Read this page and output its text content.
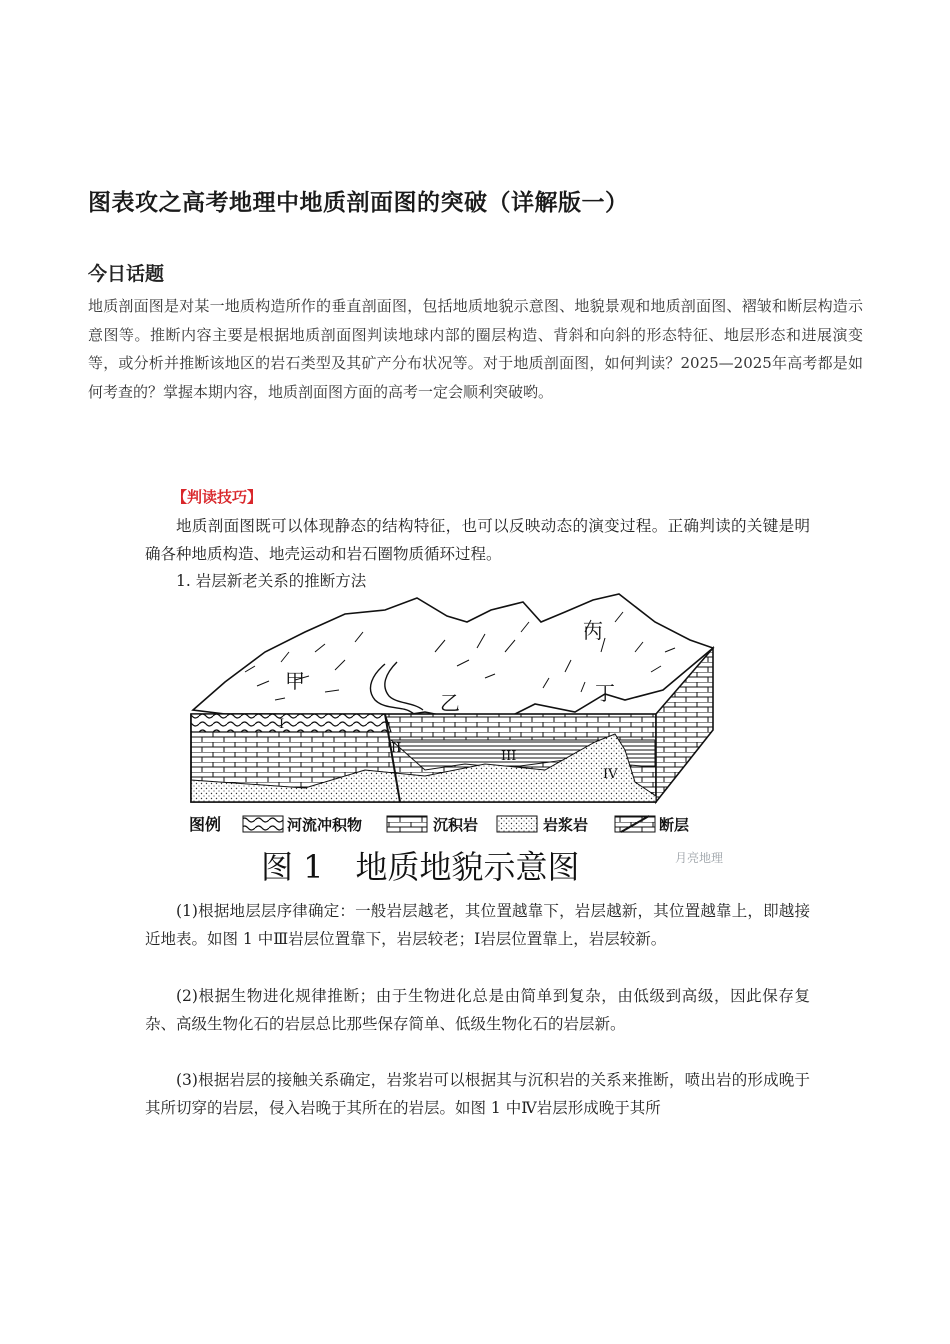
图表攻之高考地理中地质剖面图的突破（详解版一）
今日话题

地质剖面图是对某一地质构造所作的垂直剖面图，包括地质地貌示意图、地貌景观和地质剖面图、褶皱和断层构造示意图等。推断内容主要是根据地质剖面图判读地球内部的圈层构造、背斜和向斜的形态特征、地层形态和进展演变等，或分析并推断该地区的岩石类型及其矿产分布状况等。对于地质剖面图，如何判读？2025—2025年高考都是如何考查的？掌握本期内容，地质剖面图方面的高考一定会顺利突破哟。

【判读技巧】

地质剖面图既可以体现静态的结构特征，也可以反映动态的演变过程。正确判读的关键是明确各种地质构造、地壳运动和岩石圈物质循环过程。

1. 岩层新老关系的推断方法

甲
乙
丙
丁
I
II
III
IV
图例	河流冲积物	沉积岩	岩浆岩	断层
图 1　地质地貌示意图	月亮地理

(1)根据地层层序律确定：一般岩层越老，其位置越靠下，岩层越新，其位置越靠上，即越接近地表。如图 1 中Ⅲ岩层位置靠下，岩层较老；Ⅰ岩层位置靠上，岩层较新。

(2)根据生物进化规律推断；由于生物进化总是由简单到复杂，由低级到高级，因此保存复杂、高级生物化石的岩层总比那些保存简单、低级生物化石的岩层新。

(3)根据岩层的接触关系确定，岩浆岩可以根据其与沉积岩的关系来推断，喷出岩的形成晚于其所切穿的岩层，侵入岩晚于其所在的岩层。如图 1 中Ⅳ岩层形成晚于其所
